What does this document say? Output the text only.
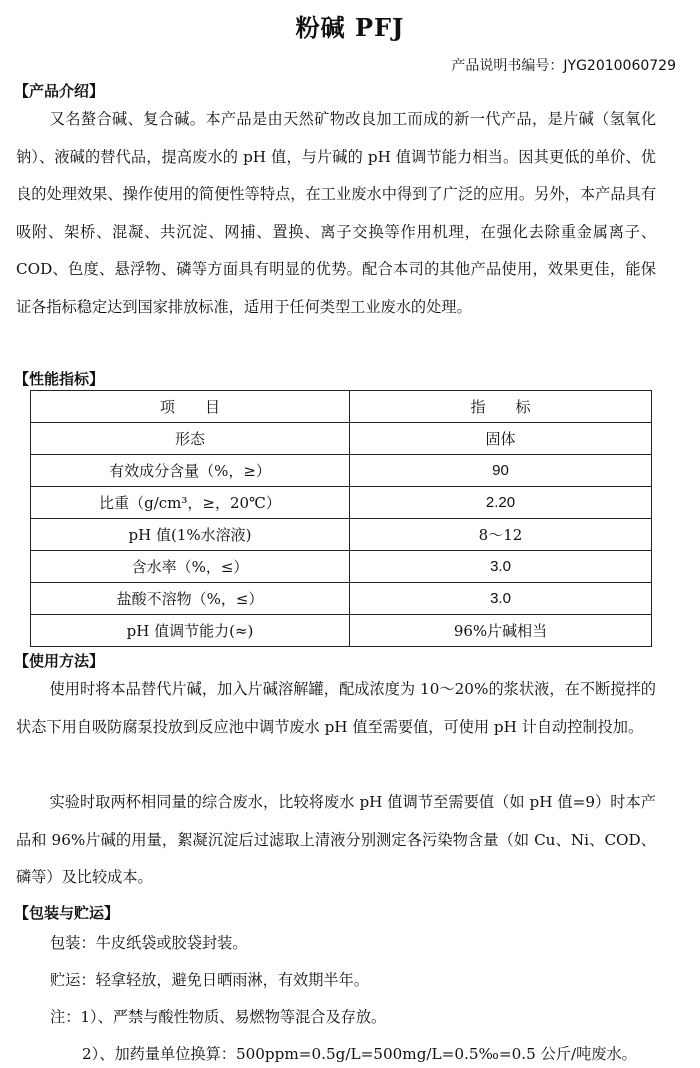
粉碱 PFJ
产品说明书编号：JYG2010060729
【产品介绍】
又名螯合碱、复合碱。本产品是由天然矿物改良加工而成的新一代产品，是片碱（氢氧化钠）、液碱的替代品，提高废水的 pH 值，与片碱的 pH 值调节能力相当。因其更低的单价、优良的处理效果、操作使用的简便性等特点，在工业废水中得到了广泛的应用。另外，本产品具有吸附、架桥、混凝、共沉淀、网捕、置换、离子交换等作用机理，在强化去除重金属离子、COD、色度、悬浮物、磷等方面具有明显的优势。配合本司的其他产品使用，效果更佳，能保证各指标稳定达到国家排放标准，适用于任何类型工业废水的处理。
【性能指标】
项　　目	指　　标
形态	固体
有效成分含量（%，≥）	90
比重（g/cm³，≥，20℃）	2.20
pH 值(1%水溶液)	8～12
含水率（%，≤）	3.0
盐酸不溶物（%，≤）	3.0
pH 值调节能力(≈)	96%片碱相当
【使用方法】
使用时将本品替代片碱，加入片碱溶解罐，配成浓度为 10～20%的浆状液，在不断搅拌的状态下用自吸防腐泵投放到反应池中调节废水 pH 值至需要值，可使用 pH 计自动控制投加。
实验时取两杯相同量的综合废水，比较将废水 pH 值调节至需要值（如 pH 值=9）时本产品和 96%片碱的用量，絮凝沉淀后过滤取上清液分别测定各污染物含量（如 Cu、Ni、COD、磷等）及比较成本。
【包装与贮运】
包装：牛皮纸袋或胶袋封装。
贮运：轻拿轻放，避免日晒雨淋，有效期半年。
注：1）、严禁与酸性物质、易燃物等混合及存放。
2）、加药量单位换算：500ppm=0.5g/L=500mg/L=0.5‰=0.5 公斤/吨废水。
